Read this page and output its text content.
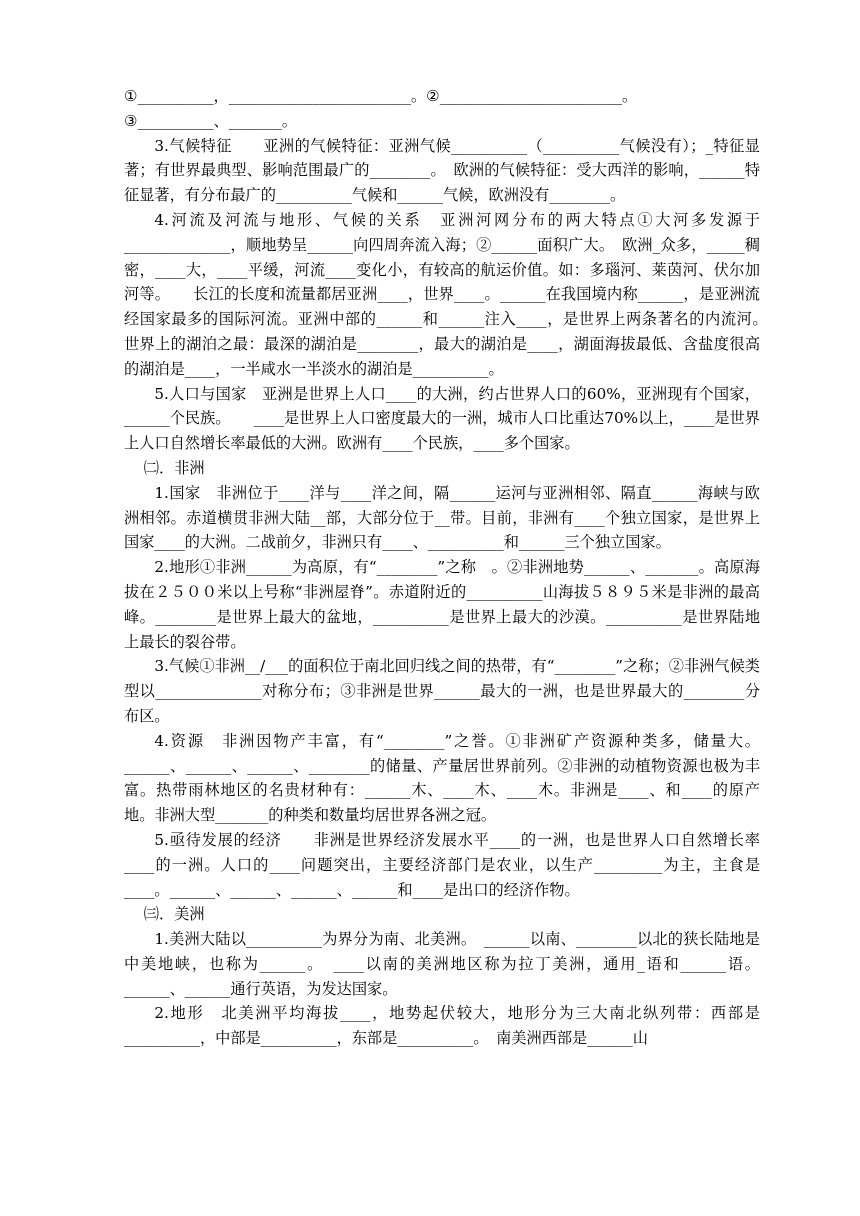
①__________，________________________。②________________________。

③__________、_______。

3.气候特征　　亚洲的气候特征：亚洲气候__________（__________气候没有）；_特征显著；有世界最典型、影响范围最广的________。　欧洲的气候特征：受大西洋的影响，______特征显著，有分布最广的__________气候和______气候，欧洲没有________。

4.河流及河流与地形、气候的关系　亚洲河网分布的两大特点①大河多发源于______________，顺地势呈______向四周奔流入海；②______面积广大。　欧洲_众多，_____稠密，____大，____平缓，河流____变化小，有较高的航运价值。如：多瑙河、莱茵河、伏尔加河等。　　长江的长度和流量都居亚洲____，世界____。______在我国境内称______，是亚洲流经国家最多的国际河流。亚洲中部的______和______注入____，是世界上两条著名的内流河。　　世界上的湖泊之最：最深的湖泊是________，最大的湖泊是____，湖面海拔最低、含盐度很高的湖泊是____，一半咸水一半淡水的湖泊是__________。

5.人口与国家　亚洲是世界上人口____的大洲，约占世界人口的60%，亚洲现有个国家，______个民族。　　____是世界上人口密度最大的一洲，城市人口比重达70%以上，____是世界上人口自然增长率最低的大洲。欧洲有____个民族，____多个国家。

㈡．非洲

1.国家　非洲位于____洋与____洋之间，隔______运河与亚洲相邻、隔直______海峡与欧洲相邻。赤道横贯非洲大陆__部，大部分位于__带。目前，非洲有____个独立国家，是世界上国家____的大洲。二战前夕，非洲只有____、__________和______三个独立国家。

2.地形①非洲______为高原，有“________”之称　。②非洲地势______、_______。高原海拔在２５００米以上号称“非洲屋脊”。赤道附近的__________山海拔５８９５米是非洲的最高峰。________是世界上最大的盆地，__________是世界上最大的沙漠。__________是世界陆地上最长的裂谷带。

3.气候①非洲__/___的面积位于南北回归线之间的热带，有“________”之称；②非洲气候类型以______________对称分布；③非洲是世界______最大的一洲，也是世界最大的________分布区。

4.资源　非洲因物产丰富，有“________”之誉。①非洲矿产资源种类多，储量大。______、______、______、________的储量、产量居世界前列。②非洲的动植物资源也极为丰富。热带雨林地区的名贵材种有：______木、____木、____木。非洲是____、和____的原产地。非洲大型_______的种类和数量均居世界各洲之冠。

5.亟待发展的经济　　非洲是世界经济发展水平____的一洲，也是世界人口自然增长率____的一洲。人口的____问题突出，主要经济部门是农业，以生产_________为主，主食是____。______、______、______、______和____是出口的经济作物。

㈢．美洲

1.美洲大陆以__________为界分为南、北美洲。　______以南、________以北的狭长陆地是中美地峡，也称为______。　____以南的美洲地区称为拉丁美洲，通用_语和______语。______、______通行英语，为发达国家。

2.地形　北美洲平均海拔____，地势起伏较大，地形分为三大南北纵列带：西部是__________，中部是__________，东部是__________。　南美洲西部是______山
